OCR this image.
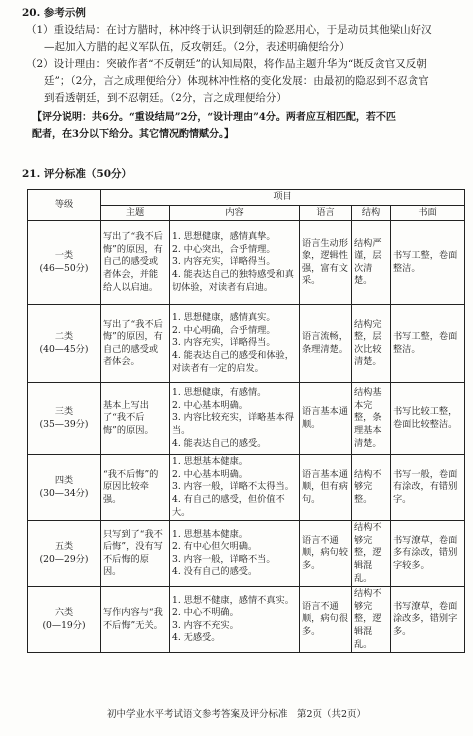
20. 参考示例
（1）重设结局：在讨方腊时，林冲终于认识到朝廷的险恶用心，于是动员其他梁山好汉
—起加入方腊的起义军队伍，反攻朝廷。（2分，表述明确便给分）
（2）设计理由：突破作者“不反朝廷”的认知局限，将作品主题升华为“既反贪官又反朝
廷”；（2分，言之成理便给分）体现林冲性格的变化发展：由最初的隐忍到不忍贪官
到看透朝廷，到不忍朝廷。（2分，言之成理便给分）
【评分说明：共6分。“重设结局”2分，“设计理由”4分。两者应互相匹配，若不匹
配者，在3分以下给分。其它情况酌情赋分。】
21. 评分标准（50分）
等级	项目				
	主题	内容	语言	结构	书面

一类
(46—50分)	写出了“我不后悔”的原因，有自己的感受或者体会，并能给人以启迪。	1. 思想健康，感情真挚。
2. 中心突出，合乎情理。
3. 内容充实，详略得当。
4. 能表达自己的独特感受和真切体验，对读者有启迪。	语言生动形象，逻辑性强，富有文采。	结构严谨，层次清楚。	书写工整，卷面整洁。

二类
(40—45分)	写出了“我不后悔”的原因，有自己的感受或者体会。	1. 思想健康，感情真实。
2. 中心明确，合乎情理。
3. 内容充实，详略得当。
4. 能表达自己的感受和体验，对读者有一定的启发。	语言流畅，条理清楚。	结构完整，层次比较清楚。	书写工整，卷面整洁。

三类
(35—39分)	基本上写出了“我不后悔”的原因。	1. 思想健康，有感情。
2. 中心基本明确。
3. 内容比较充实，详略基本得当。
4. 能表达自己的感受。	语言基本通顺。	结构基本完整，条理基本清楚。	书写比较工整，卷面比较整洁。

四类
(30—34分)	“我不后悔”的原因比较牵强。	1. 思想基本健康。
2. 中心基本明确。
3. 内容一般，详略不太得当。
4. 有自己的感受，但价值不大。	语言基本通顺，但有病句。	结构不够完整。	书写一般，卷面有涂改，有错别字。

五类
(20—29分)	只写到了“我不后悔”，没有写不后悔的原因。	1. 思想基本健康。
2. 有中心但欠明确。
3. 内容一般，详略不当。
4. 没有自己的感受。	语言不通顺，病句较多。	结构不够完整，逻辑混乱。	书写潦草，卷面多有涂改，错别字较多。

六类
(0—19分)	写作内容与“我不后悔”无关。	1. 思想不健康，感情不真实。
2. 中心不明确。
3. 内容不充实。
4. 无感受。	语言不通顺，病句很多。	结构不够完整，逻辑混乱。	书写潦草，卷面涂改多，错别字多。
初中学业水平考试语文参考答案及评分标准　第2页（共2页）
